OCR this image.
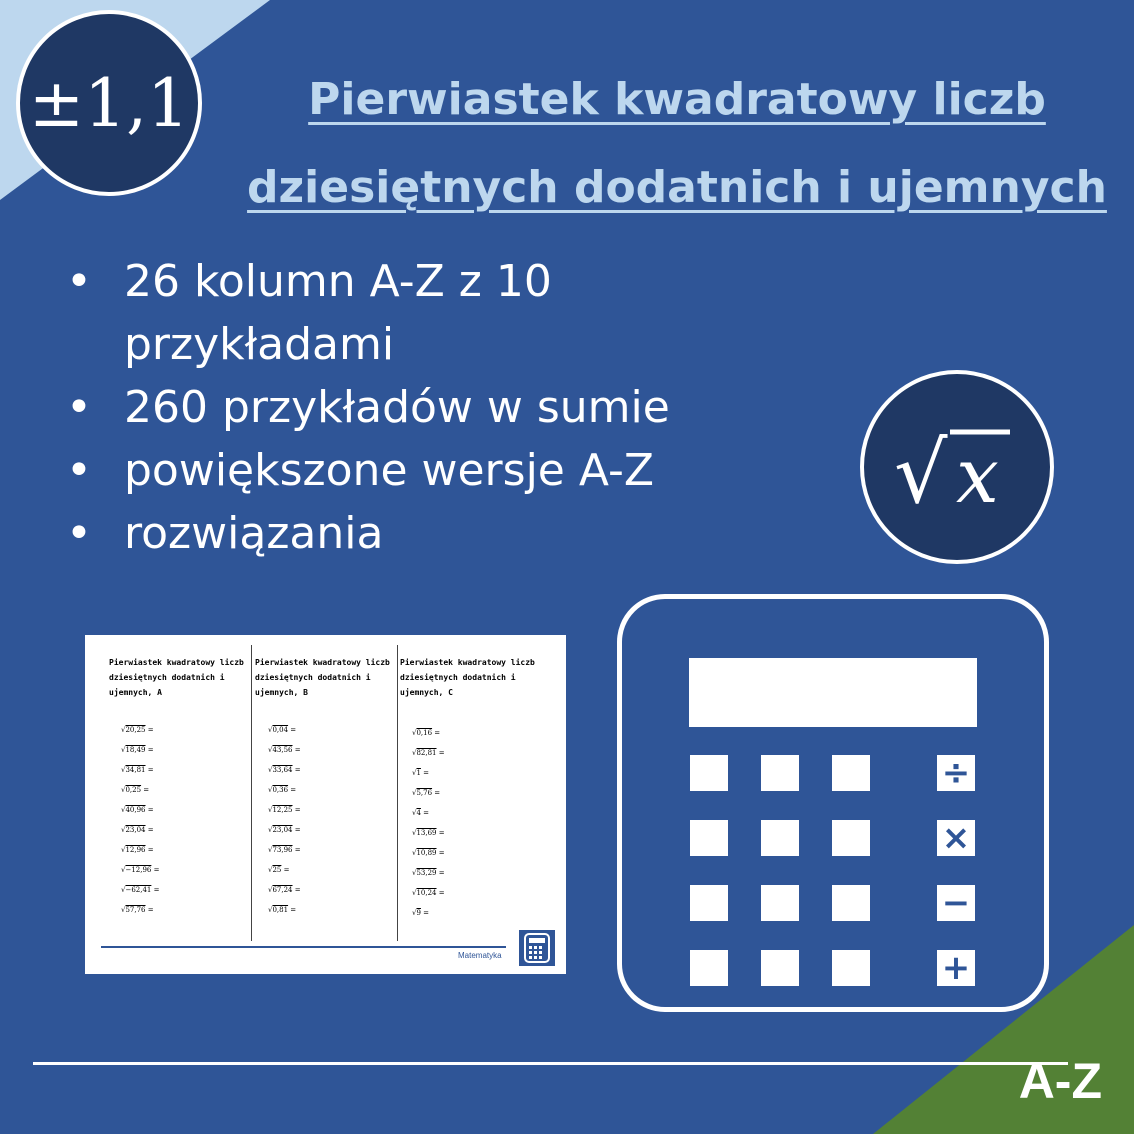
±1,1	Pierwiastek kwadratowy liczb
dziesiętnych dodatnich i ujemnych
• 26 kolumn A-Z z 10 przykładami
• 260 przykładów w sumie
• powiększone wersje A-Z
• rozwiązania
√ x
Pierwiastek kwadratowy liczb
dziesiętnych dodatnich i
ujemnych, A
Pierwiastek kwadratowy liczb
dziesiętnych dodatnich i
ujemnych, B
Pierwiastek kwadratowy liczb
dziesiętnych dodatnich i
ujemnych, C
√20,25 =
√18,49 =
√34,81 =
√0,25 =
√40,96 =
√23,04 =
√12,96 =
√−12,96 =
√−62,41 =
√57,76 =
√0,04 =
√43,56 =
√33,64 =
√0,36 =
√12,25 =
√23,04 =
√73,96 =
√25 =
√67,24 =
√0,81 =
√0,16 =
√82,81 =
√1 =
√5,76 =
√4 =
√13,69 =
√10,89 =
√53,29 =
√10,24 =
√9 =
Matematyka
÷
×
−
+
A-Z
